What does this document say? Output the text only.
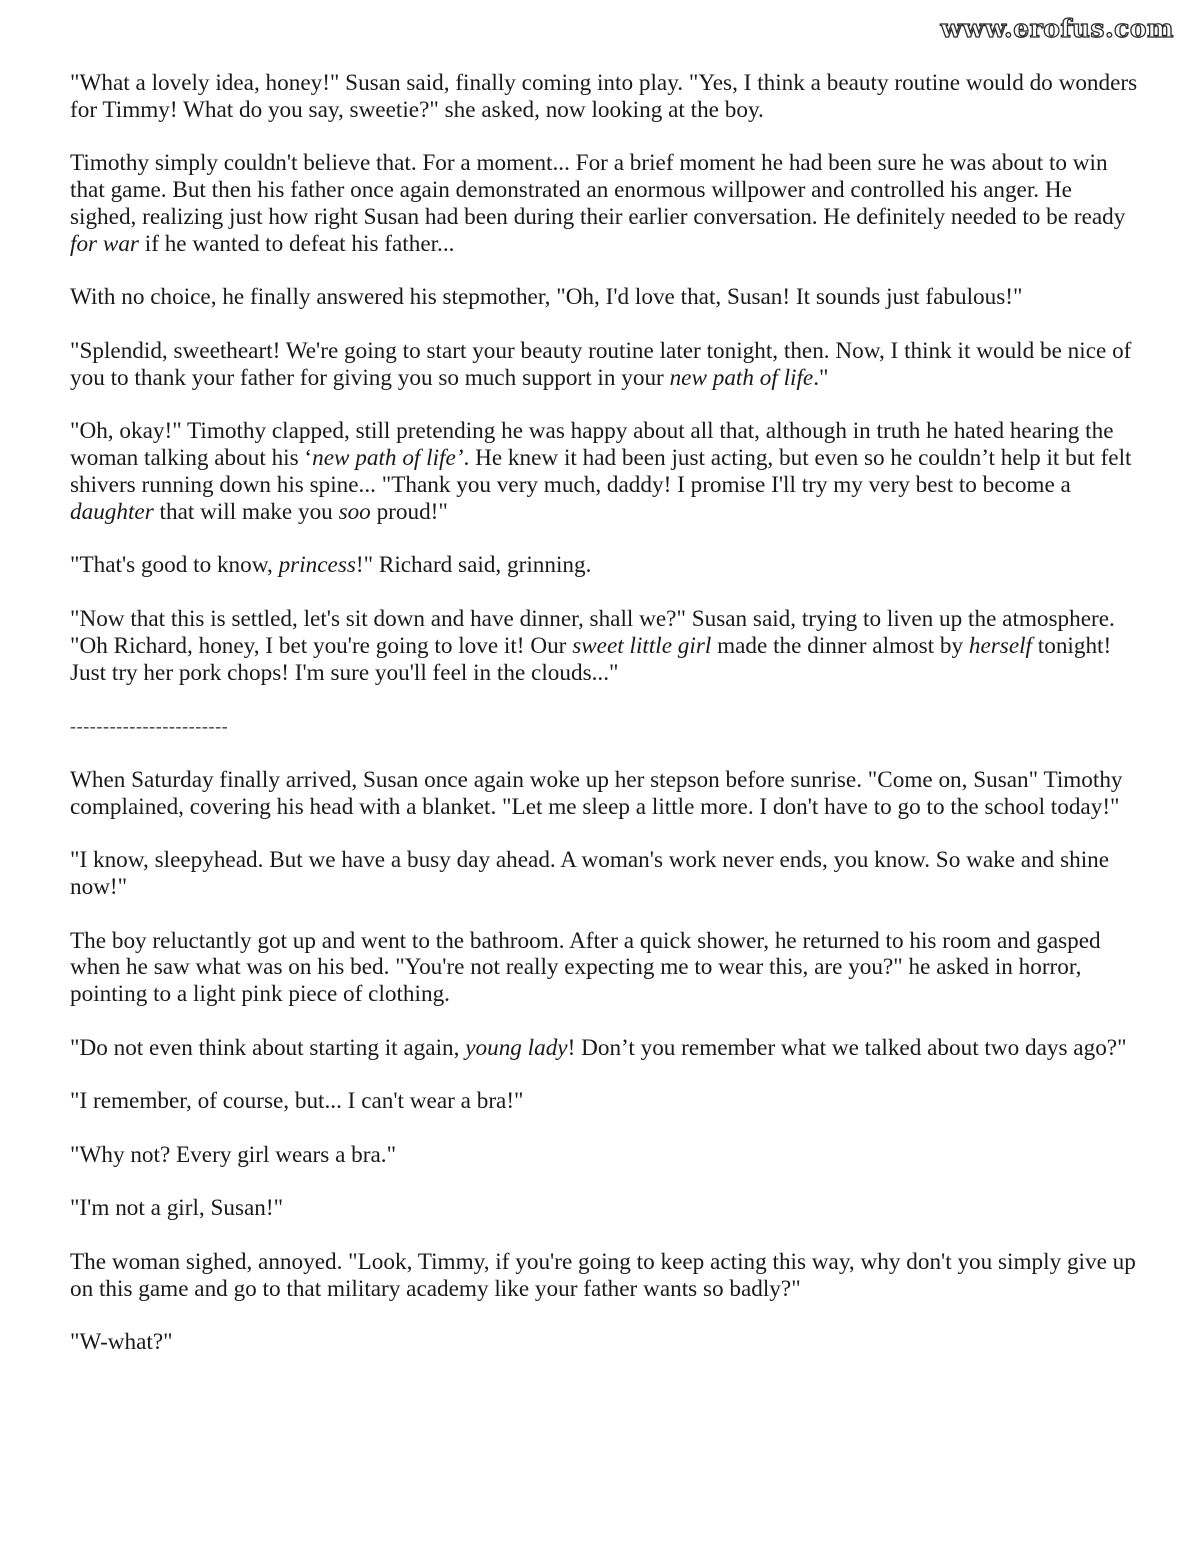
www.erofus.com

"What a lovely idea, honey!" Susan said, finally coming into play. "Yes, I think a beauty routine would do wonders for Timmy! What do you say, sweetie?" she asked, now looking at the boy.

Timothy simply couldn't believe that. For a moment... For a brief moment he had been sure he was about to win that game. But then his father once again demonstrated an enormous willpower and controlled his anger. He sighed, realizing just how right Susan had been during their earlier conversation. He definitely needed to be ready for war if he wanted to defeat his father...

With no choice, he finally answered his stepmother, "Oh, I'd love that, Susan! It sounds just fabulous!"

"Splendid, sweetheart! We're going to start your beauty routine later tonight, then. Now, I think it would be nice of you to thank your father for giving you so much support in your new path of life."

"Oh, okay!" Timothy clapped, still pretending he was happy about all that, although in truth he hated hearing the woman talking about his ‘new path of life’. He knew it had been just acting, but even so he couldn’t help it but felt shivers running down his spine... "Thank you very much, daddy! I promise I'll try my very best to become a daughter that will make you soo proud!"

"That's good to know, princess!" Richard said, grinning.

"Now that this is settled, let's sit down and have dinner, shall we?" Susan said, trying to liven up the atmosphere. "Oh Richard, honey, I bet you're going to love it! Our sweet little girl made the dinner almost by herself tonight! Just try her pork chops! I'm sure you'll feel in the clouds..."

------------------------

When Saturday finally arrived, Susan once again woke up her stepson before sunrise. "Come on, Susan" Timothy complained, covering his head with a blanket. "Let me sleep a little more. I don't have to go to the school today!"

"I know, sleepyhead. But we have a busy day ahead. A woman's work never ends, you know. So wake and shine now!"

The boy reluctantly got up and went to the bathroom. After a quick shower, he returned to his room and gasped when he saw what was on his bed. "You're not really expecting me to wear this, are you?" he asked in horror, pointing to a light pink piece of clothing.

"Do not even think about starting it again, young lady! Don’t you remember what we talked about two days ago?"

"I remember, of course, but... I can't wear a bra!"

"Why not? Every girl wears a bra."

"I'm not a girl, Susan!"

The woman sighed, annoyed. "Look, Timmy, if you're going to keep acting this way, why don't you simply give up on this game and go to that military academy like your father wants so badly?"

"W-what?"
